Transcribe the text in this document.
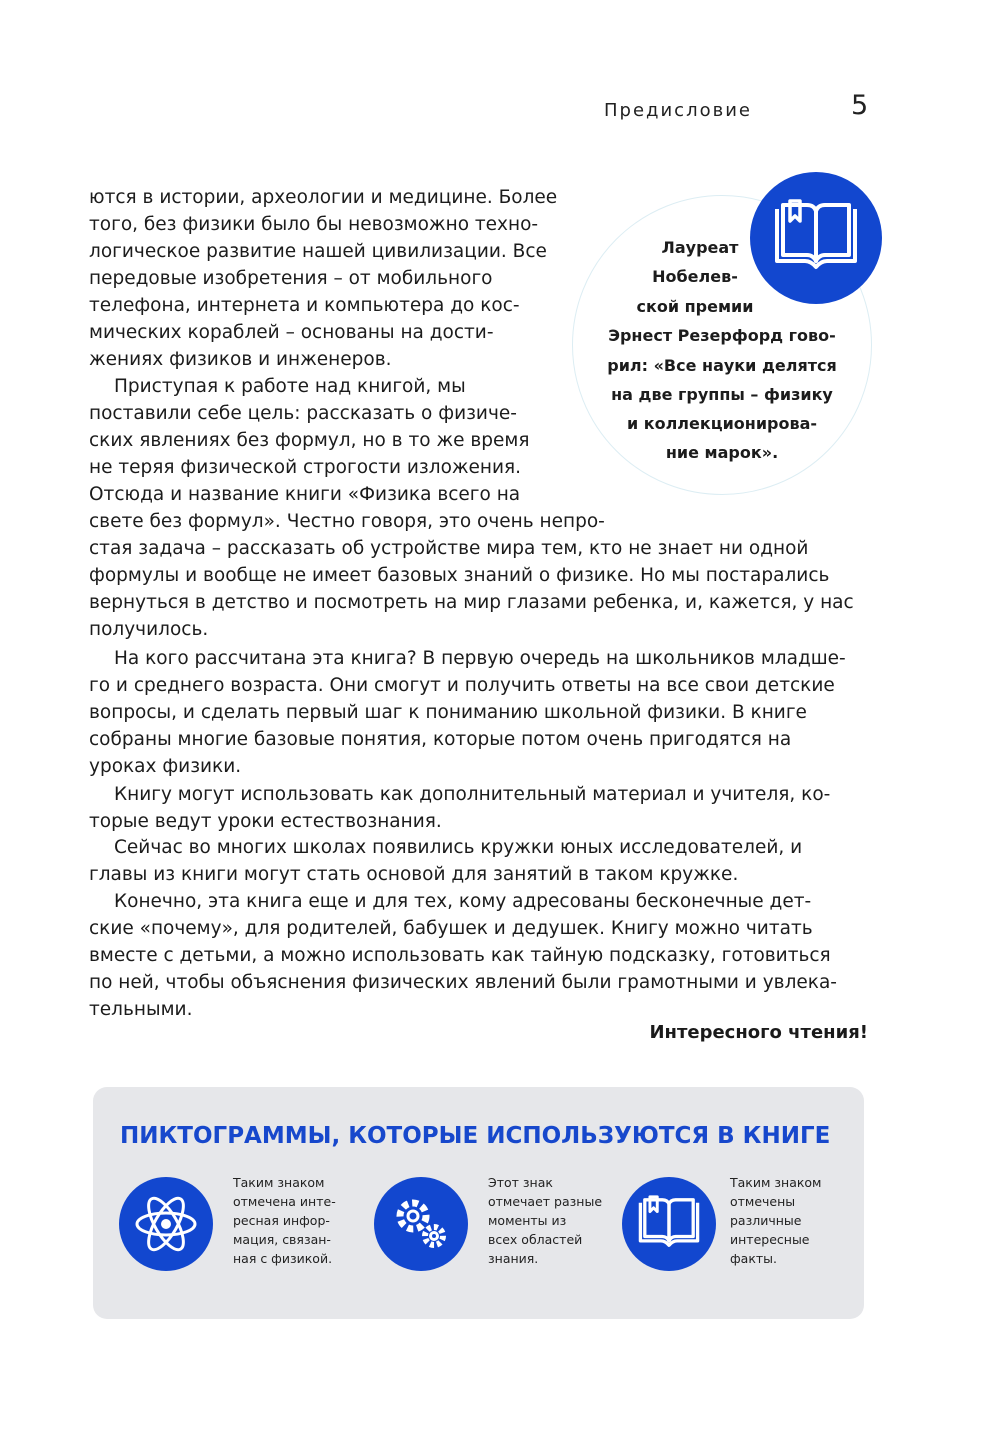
Предисловие	5
ются в истории, археологии и медицине. Более
того, без физики было бы невозможно техно-
логическое развитие нашей цивилизации. Все
передовые изобретения – от мобильного
телефона, интернета и компьютера до кос-
мических кораблей – основаны на дости-
жениях физиков и инженеров.
Приступая к работе над книгой, мы
поставили себе цель: рассказать о физиче-
ских явлениях без формул, но в то же время
не теряя физической строгости изложения.
Отсюда и название книги «Физика всего на
свете без формул». Честно говоря, это очень непро-
стая задача – рассказать об устройстве мира тем, кто не знает ни одной
формулы и вообще не имеет базовых знаний о физике. Но мы постарались
вернуться в детство и посмотреть на мир глазами ребенка, и, кажется, у нас
получилось.
На кого рассчитана эта книга? В первую очередь на школьников младше-
го и среднего возраста. Они смогут и получить ответы на все свои детские
вопросы, и сделать первый шаг к пониманию школьной физики. В книге
собраны многие базовые понятия, которые потом очень пригодятся на
уроках физики.
Книгу могут использовать как дополнительный материал и учителя, ко-
торые ведут уроки естествознания.
Сейчас во многих школах появились кружки юных исследователей, и
главы из книги могут стать основой для занятий в таком кружке.
Конечно, эта книга еще и для тех, кому адресованы бесконечные дет-
ские «почему», для родителей, бабушек и дедушек. Книгу можно читать
вместе с детьми, а можно использовать как тайную подсказку, готовиться
по ней, чтобы объяснения физических явлений были грамотными и увлека-
тельными.
Интересного чтения!
Лауреат
Нобелев-
ской премии
Эрнест Резерфорд гово-
рил: «Все науки делятся
на две группы – физику
и коллекционирова-
ние марок».
ПИКТОГРАММЫ, КОТОРЫЕ ИСПОЛЬЗУЮТСЯ В КНИГЕ
Таким знаком
отмечена инте-
ресная инфор-
мация, связан-
ная с физикой.
Этот знак
отмечает разные
моменты из
всех областей
знания.
Таким знаком
отмечены
различные
интересные
факты.
